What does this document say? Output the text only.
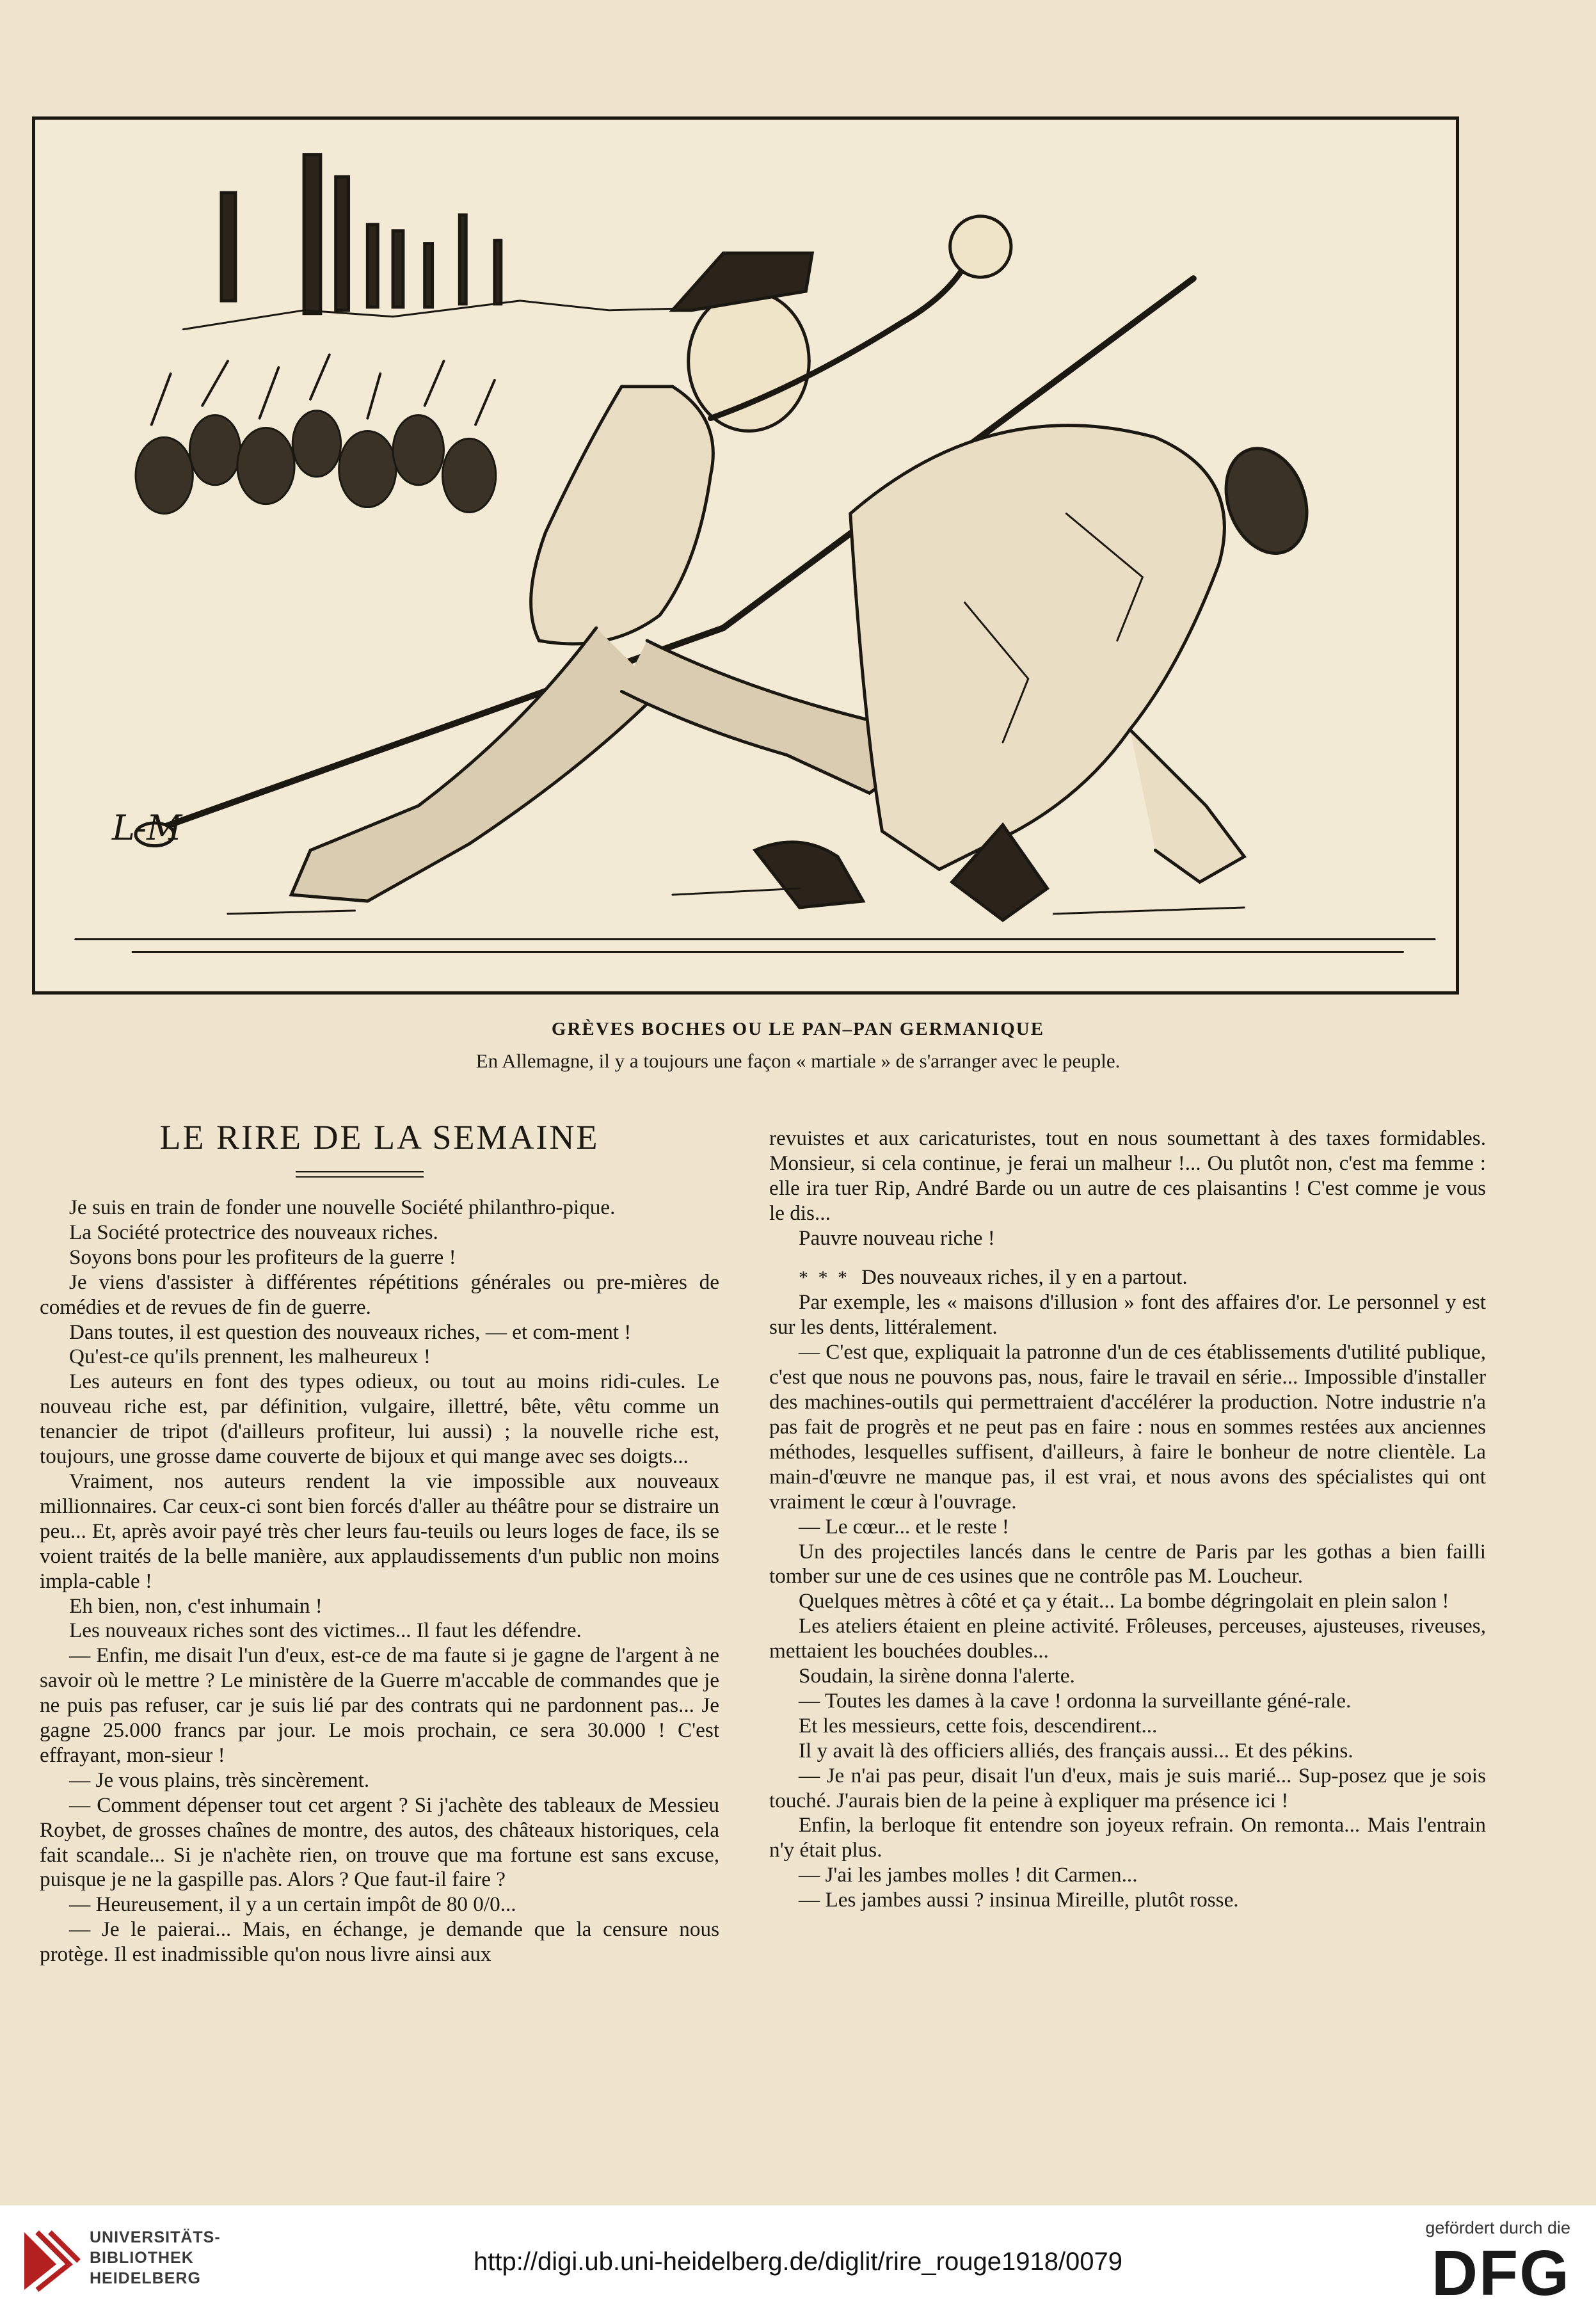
L-M
GRÈVES BOCHES OU LE PAN–PAN GERMANIQUE
En Allemagne, il y a toujours une façon « martiale » de s'arranger avec le peuple.
LE RIRE DE LA SEMAINE

Je suis en train de fonder une nouvelle Société philanthro-pique.

La Société protectrice des nouveaux riches.

Soyons bons pour les profiteurs de la guerre !

Je viens d'assister à différentes répétitions générales ou pre-mières de comédies et de revues de fin de guerre.

Dans toutes, il est question des nouveaux riches, — et com-ment !

Qu'est-ce qu'ils prennent, les malheureux !

Les auteurs en font des types odieux, ou tout au moins ridi-cules. Le nouveau riche est, par définition, vulgaire, illettré, bête, vêtu comme un tenancier de tripot (d'ailleurs profiteur, lui aussi) ; la nouvelle riche est, toujours, une grosse dame couverte de bijoux et qui mange avec ses doigts...

Vraiment, nos auteurs rendent la vie impossible aux nouveaux millionnaires. Car ceux-ci sont bien forcés d'aller au théâtre pour se distraire un peu... Et, après avoir payé très cher leurs fau-teuils ou leurs loges de face, ils se voient traités de la belle manière, aux applaudissements d'un public non moins impla-cable !

Eh bien, non, c'est inhumain !

Les nouveaux riches sont des victimes... Il faut les défendre.

— Enfin, me disait l'un d'eux, est-ce de ma faute si je gagne de l'argent à ne savoir où le mettre ? Le ministère de la Guerre m'accable de commandes que je ne puis pas refuser, car je suis lié par des contrats qui ne pardonnent pas... Je gagne 25.000 francs par jour. Le mois prochain, ce sera 30.000 ! C'est effrayant, mon-sieur !

— Je vous plains, très sincèrement.

— Comment dépenser tout cet argent ? Si j'achète des tableaux de Messieu Roybet, de grosses chaînes de montre, des autos, des châteaux historiques, cela fait scandale... Si je n'achète rien, on trouve que ma fortune est sans excuse, puisque je ne la gaspille pas. Alors ? Que faut-il faire ?

— Heureusement, il y a un certain impôt de 80 0/0...

— Je le paierai... Mais, en échange, je demande que la censure nous protège. Il est inadmissible qu'on nous livre ainsi aux

revuistes et aux caricaturistes, tout en nous soumettant à des taxes formidables. Monsieur, si cela continue, je ferai un malheur !... Ou plutôt non, c'est ma femme : elle ira tuer Rip, André Barde ou un autre de ces plaisantins ! C'est comme je vous le dis...

Pauvre nouveau riche !

* * * Des nouveaux riches, il y en a partout.

Par exemple, les « maisons d'illusion » font des affaires d'or. Le personnel y est sur les dents, littéralement.

— C'est que, expliquait la patronne d'un de ces établissements d'utilité publique, c'est que nous ne pouvons pas, nous, faire le travail en série... Impossible d'installer des machines-outils qui permettraient d'accélérer la production. Notre industrie n'a pas fait de progrès et ne peut pas en faire : nous en sommes restées aux anciennes méthodes, lesquelles suffisent, d'ailleurs, à faire le bonheur de notre clientèle. La main-d'œuvre ne manque pas, il est vrai, et nous avons des spécialistes qui ont vraiment le cœur à l'ouvrage.

— Le cœur... et le reste !

Un des projectiles lancés dans le centre de Paris par les gothas a bien failli tomber sur une de ces usines que ne contrôle pas M. Loucheur.

Quelques mètres à côté et ça y était... La bombe dégringolait en plein salon !

Les ateliers étaient en pleine activité. Frôleuses, perceuses, ajusteuses, riveuses, mettaient les bouchées doubles...

Soudain, la sirène donna l'alerte.

— Toutes les dames à la cave ! ordonna la surveillante géné-rale.

Et les messieurs, cette fois, descendirent...

Il y avait là des officiers alliés, des français aussi... Et des pékins.

— Je n'ai pas peur, disait l'un d'eux, mais je suis marié... Sup-posez que je sois touché. J'aurais bien de la peine à expliquer ma présence ici !

Enfin, la berloque fit entendre son joyeux refrain. On remonta... Mais l'entrain n'y était plus.

— J'ai les jambes molles ! dit Carmen...

— Les jambes aussi ? insinua Mireille, plutôt rosse.

UNIVERSITÄTS-
BIBLIOTHEK
HEIDELBERG
http://digi.ub.uni-heidelberg.de/diglit/rire_rouge1918/0079
gefördert durch die
DFG
